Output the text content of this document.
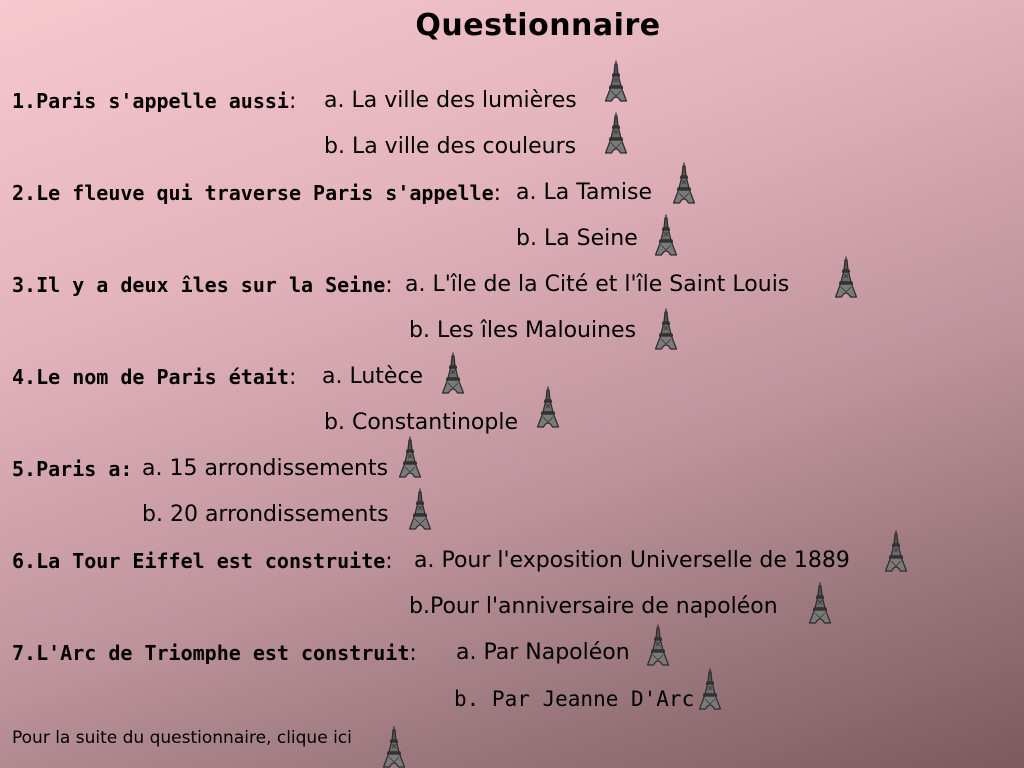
Questionnaire
1.Paris s'appelle aussi: a. La ville des lumières
b. La ville des couleurs
2.Le fleuve qui traverse Paris s'appelle: a. La Tamise
b. La Seine
3.Il y a deux îles sur la Seine: a. L'île de la Cité et l'île Saint Louis
b. Les îles Malouines
4.Le nom de Paris était: a. Lutèce
b. Constantinople
5.Paris a: a. 15 arrondissements
b. 20 arrondissements
6.La Tour Eiffel est construite: a. Pour l'exposition Universelle de 1889
b.Pour l'anniversaire de napoléon
7.L'Arc de Triomphe est construit: a. Par Napoléon
b. Par Jeanne D'Arc
Pour la suite du questionnaire, clique ici
